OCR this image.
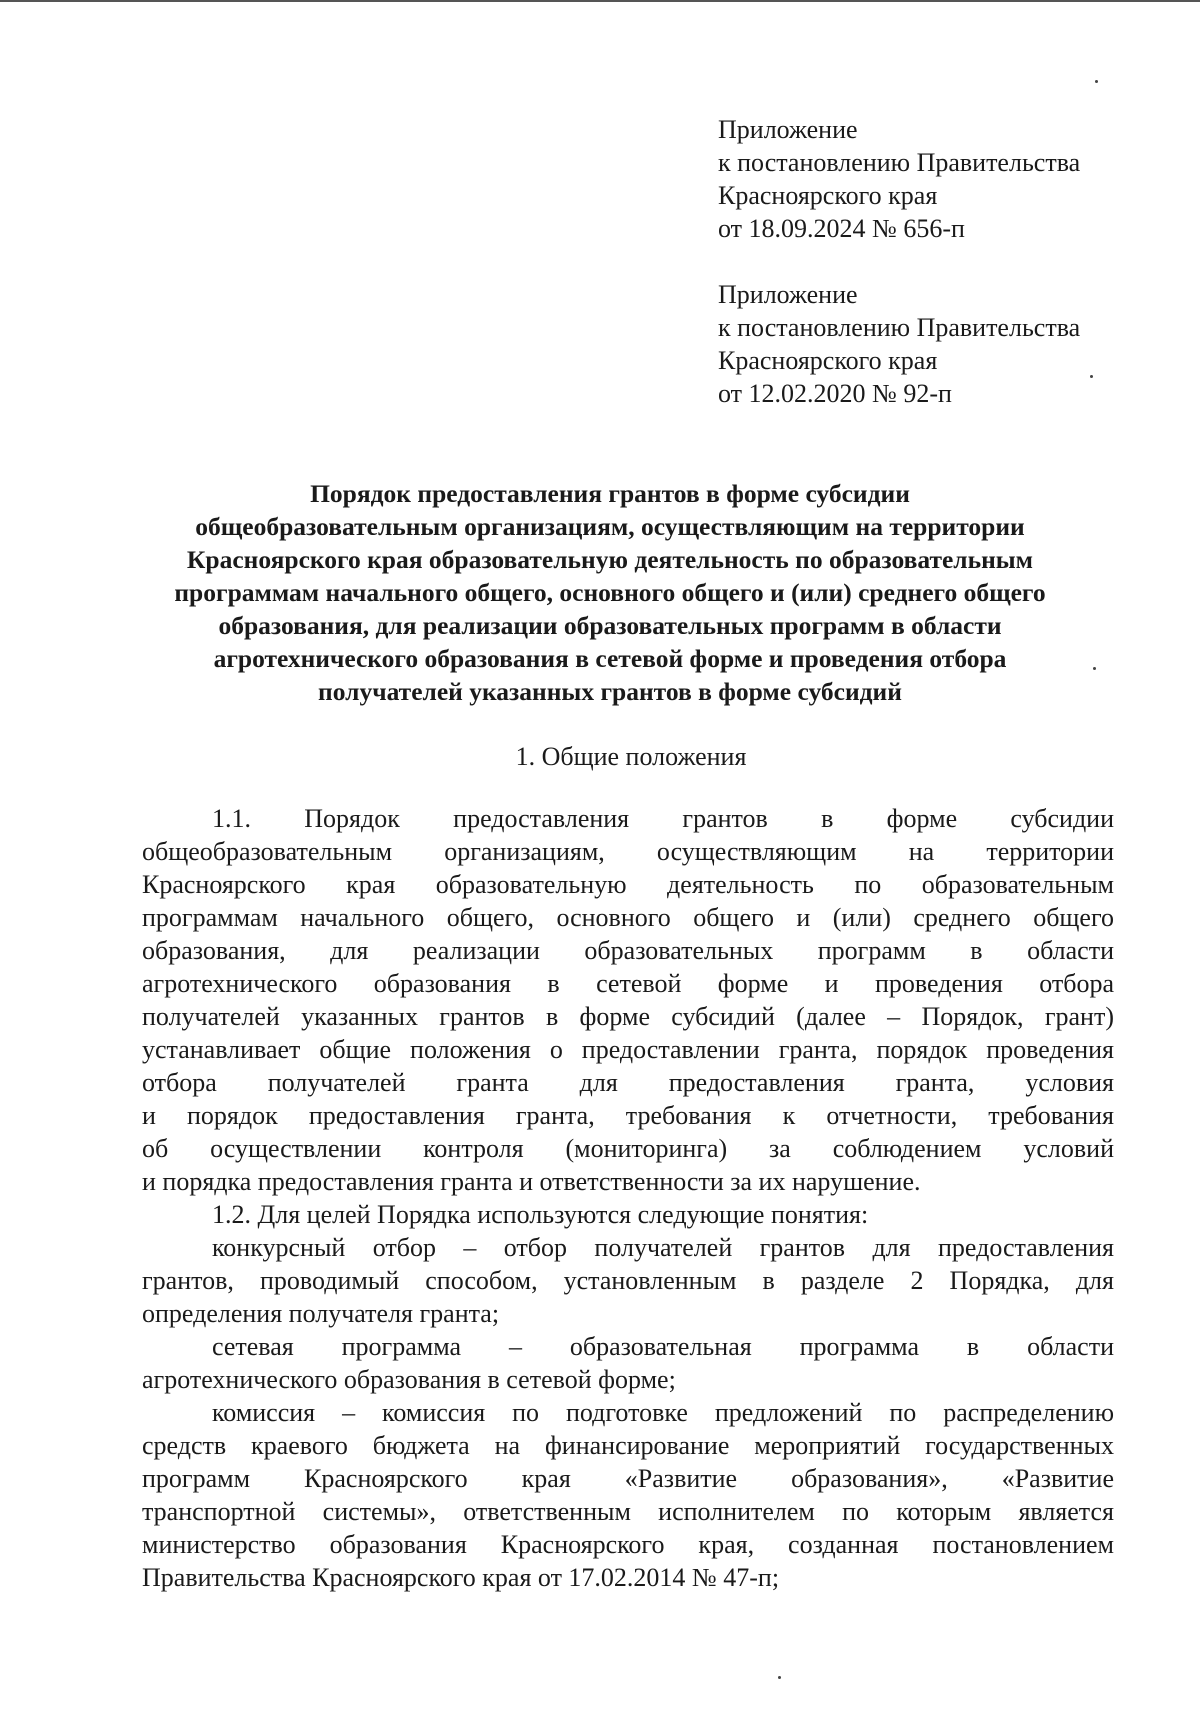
Приложение
к постановлению Правительства
Красноярского края
от 18.09.2024 № 656-п
Приложение
к постановлению Правительства
Красноярского края
от 12.02.2020 № 92-п
Порядок предоставления грантов в форме субсидии
общеобразовательным организациям, осуществляющим на территории
Красноярского края образовательную деятельность по образовательным
программам начального общего, основного общего и (или) среднего общего
образования, для реализации образовательных программ в области
агротехнического образования в сетевой форме и проведения отбора
получателей указанных грантов в форме субсидий
1. Общие положения
1.1. Порядок предоставления грантов в форме субсидии
общеобразовательным организациям, осуществляющим на территории
Красноярского края образовательную деятельность по образовательным
программам начального общего, основного общего и (или) среднего общего
образования, для реализации образовательных программ в области
агротехнического образования в сетевой форме и проведения отбора
получателей указанных грантов в форме субсидий (далее – Порядок, грант)
устанавливает общие положения о предоставлении гранта, порядок проведения
отбора получателей гранта для предоставления гранта, условия
и порядок предоставления гранта, требования к отчетности, требования
об осуществлении контроля (мониторинга) за соблюдением условий
и порядка предоставления гранта и ответственности за их нарушение.
1.2. Для целей Порядка используются следующие понятия:
конкурсный отбор – отбор получателей грантов для предоставления
грантов, проводимый способом, установленным в разделе 2 Порядка, для
определения получателя гранта;
сетевая программа – образовательная программа в области
агротехнического образования в сетевой форме;
комиссия – комиссия по подготовке предложений по распределению
средств краевого бюджета на финансирование мероприятий государственных
программ Красноярского края «Развитие образования», «Развитие
транспортной системы», ответственным исполнителем по которым является
министерство образования Красноярского края, созданная постановлением
Правительства Красноярского края от 17.02.2014 № 47-п;
